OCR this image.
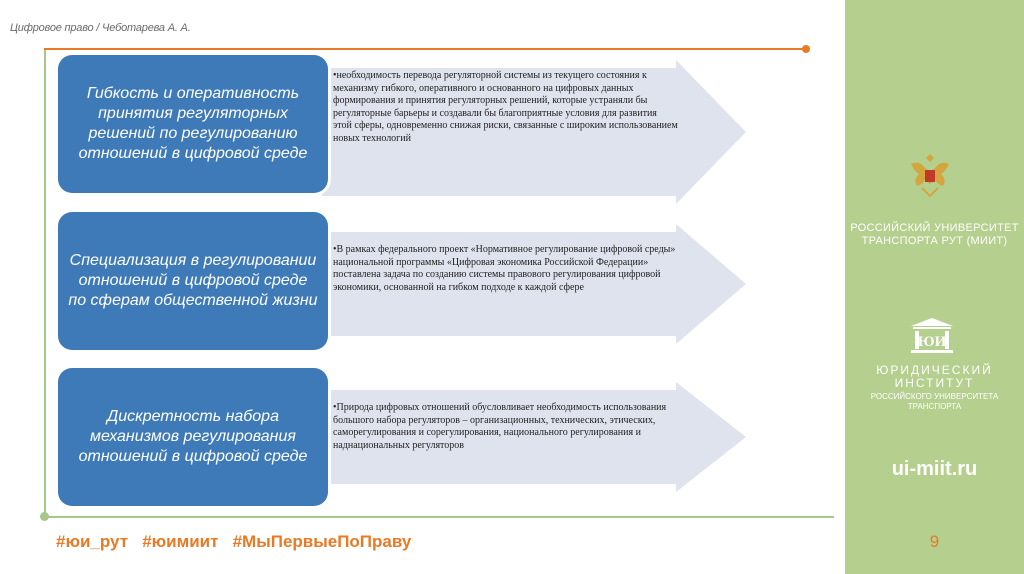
Цифровое право / Чеботарева А. А.
•необходимость перевода регуляторной системы из текущего состояния к механизму гибкого, оперативного и основанного на цифровых данных формирования и принятия регуляторных решений, которые устраняли бы регуляторные барьеры и создавали бы благоприятные условия для развития этой сферы, одновременно снижая риски, связанные с широким использованием новых технологий
Гибкость и оперативность принятия регуляторных решений по регулированию отношений в цифровой среде
•В рамках федерального проект «Нормативное регулирование цифровой среды» национальной программы «Цифровая экономика Российской Федерации» поставлена задача по созданию системы правового регулирования цифровой экономики, основанной на гибком подходе к каждой сфере
Специализация в регулировании отношений в цифровой среде по сферам общественной жизни
•Природа цифровых отношений обусловливает необходимость использования большого набора регуляторов – организационных, технических, этических, саморегулирования и сорегулирования, национального регулирования и наднациональных регуляторов
Дискретность набора механизмов регулирования отношений в цифровой среде
#юи_рут   #юимиит   #МыПервыеПоПраву
РОССИЙСКИЙ УНИВЕРСИТЕТ ТРАНСПОРТА РУТ (МИИТ)
ЮИ
ЮРИДИЧЕСКИЙ ИНСТИТУТ
РОССИЙСКОГО УНИВЕРСИТЕТА ТРАНСПОРТА
ui-miit.ru
9
